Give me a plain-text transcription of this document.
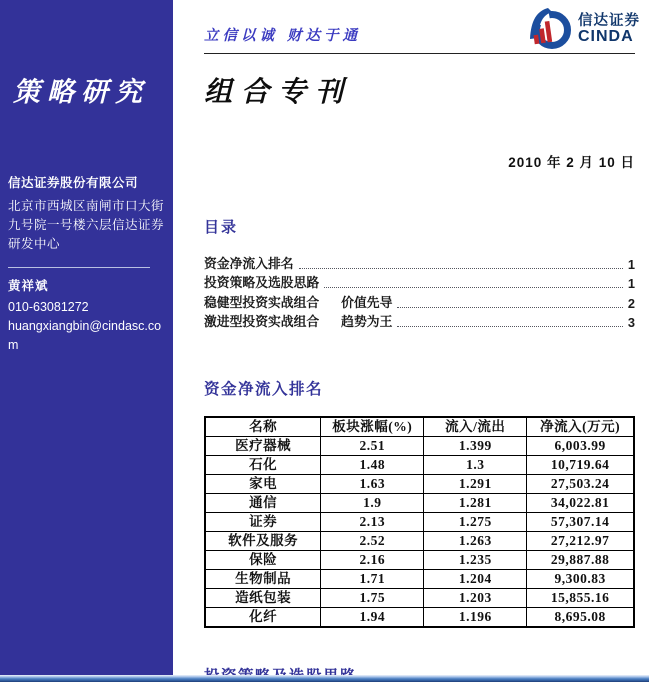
策略研究
信达证券股份有限公司
北京市西城区南闸市口大街
九号院一号楼六层信达证券
研发中心
黄祥斌
010-63081272
huangxiangbin@cindasc.com
信达证券
CINDA
立信以诚 财达于通
组合专刊
2010 年 2 月 10 日
目录
资金净流入排名	1
投资策略及选股思路	1
稳健型投资实战组合 价值先导	2
激进型投资实战组合 趋势为王	3
资金净流入排名
名称	板块涨幅(%)	流入/流出	净流入(万元)
医疗器械	2.51	1.399	6,003.99
石化	1.48	1.3	10,719.64
家电	1.63	1.291	27,503.24
通信	1.9	1.281	34,022.81
证券	2.13	1.275	57,307.14
软件及服务	2.52	1.263	27,212.97
保险	2.16	1.235	29,887.88
生物制品	1.71	1.204	9,300.83
造纸包装	1.75	1.203	15,855.16
化纤	1.94	1.196	8,695.08
